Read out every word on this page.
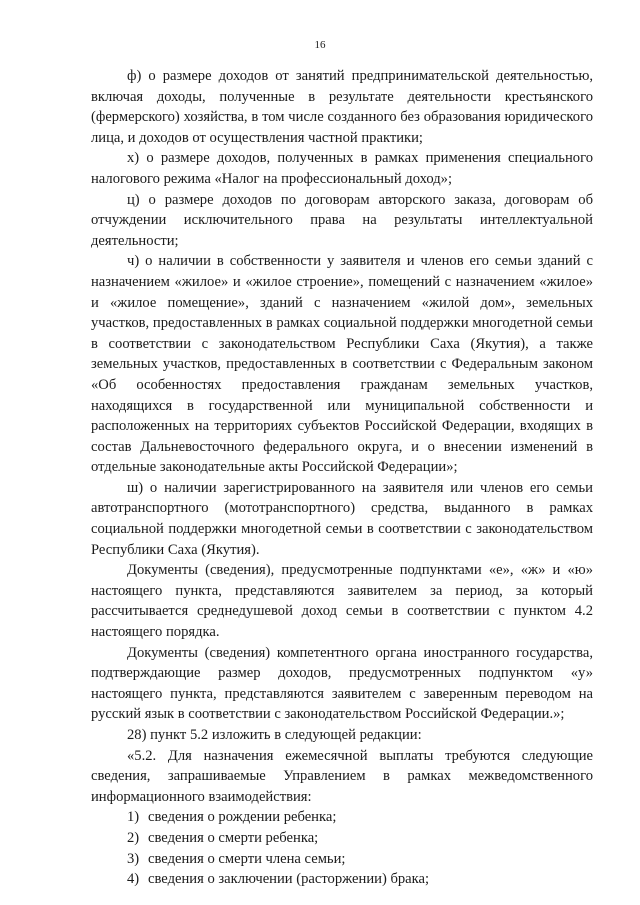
16

ф) о размере доходов от занятий предпринимательской деятельностью, включая доходы, полученные в результате деятельности крестьянского (фермерского) хозяйства, в том числе созданного без образования юридического лица, и доходов от осуществления частной практики;

х) о размере доходов, полученных в рамках применения специального налогового режима «Налог на профессиональный доход»;

ц) о размере доходов по договорам авторского заказа, договорам об отчуждении исключительного права на результаты интеллектуальной деятельности;

ч) о наличии в собственности у заявителя и членов его семьи зданий с назначением «жилое» и «жилое строение», помещений с назначением «жилое» и «жилое помещение», зданий с назначением «жилой дом», земельных участков, предоставленных в рамках социальной поддержки многодетной семьи в соответствии с законодательством Республики Саха (Якутия), а также земельных участков, предоставленных в соответствии с Федеральным законом «Об особенностях предоставления гражданам земельных участков, находящихся в государственной или муниципальной собственности и расположенных на территориях субъектов Российской Федерации, входящих в состав Дальневосточного федерального округа, и о внесении изменений в отдельные законодательные акты Российской Федерации»;

ш) о наличии зарегистрированного на заявителя или членов его семьи автотранспортного (мототранспортного) средства, выданного в рамках социальной поддержки многодетной семьи в соответствии с законодательством Республики Саха (Якутия).

Документы (сведения), предусмотренные подпунктами «е», «ж» и «ю» настоящего пункта, представляются заявителем за период, за который рассчитывается среднедушевой доход семьи в соответствии с пунктом 4.2 настоящего порядка.

Документы (сведения) компетентного органа иностранного государства, подтверждающие размер доходов, предусмотренных подпунктом «у» настоящего пункта, представляются заявителем с заверенным переводом на русский язык в соответствии с законодательством Российской Федерации.»;

28) пункт 5.2 изложить в следующей редакции:

«5.2. Для назначения ежемесячной выплаты требуются следующие сведения, запрашиваемые Управлением в рамках межведомственного информационного взаимодействия:

1) сведения о рождении ребенка;
2) сведения о смерти ребенка;
3) сведения о смерти члена семьи;
4) сведения о заключении (расторжении) брака;
